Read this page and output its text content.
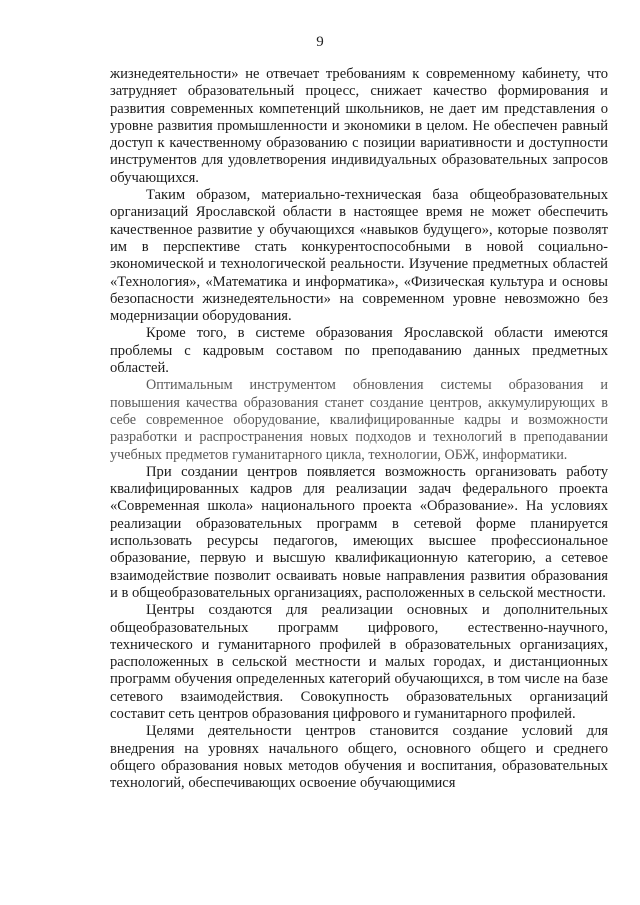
9

жизнедеятельности» не отвечает требованиям к современному кабинету, что затрудняет образовательный процесс, снижает качество формирования и развития современных компетенций школьников, не дает им представления о уровне развития промышленности и экономики в целом. Не обеспечен равный доступ к качественному образованию с позиции вариативности и доступности инструментов для удовлетворения индивидуальных образовательных запросов обучающихся.

Таким образом, материально-техническая база общеобразовательных организаций Ярославской области в настоящее время не может обеспечить качественное развитие у обучающихся «навыков будущего», которые позволят им в перспективе стать конкурентоспособными в новой социально-экономической и технологической реальности. Изучение предметных областей «Технология», «Математика и информатика», «Физическая культура и основы безопасности жизнедеятельности» на современном уровне невозможно без модернизации оборудования.

Кроме того, в системе образования Ярославской области имеются проблемы с кадровым составом по преподаванию данных предметных областей.

Оптимальным инструментом обновления системы образования и повышения качества образования станет создание центров, аккумулирующих в себе современное оборудование, квалифицированные кадры и возможности разработки и распространения новых подходов и технологий в преподавании учебных предметов гуманитарного цикла, технологии, ОБЖ, информатики.

При создании центров появляется возможность организовать работу квалифицированных кадров для реализации задач федерального проекта «Современная школа» национального проекта «Образование». На условиях реализации образовательных программ в сетевой форме планируется использовать ресурсы педагогов, имеющих высшее профессиональное образование, первую и высшую квалификационную категорию, а сетевое взаимодействие позволит осваивать новые направления развития образования и в общеобразовательных организациях, расположенных в сельской местности.

Центры создаются для реализации основных и дополнительных общеобразовательных программ цифрового, естественно-научного, технического и гуманитарного профилей в образовательных организациях, расположенных в сельской местности и малых городах, и дистанционных программ обучения определенных категорий обучающихся, в том числе на базе сетевого взаимодействия. Совокупность образовательных организаций составит сеть центров образования цифрового и гуманитарного профилей.

Целями деятельности центров становится создание условий для внедрения на уровнях начального общего, основного общего и среднего общего образования новых методов обучения и воспитания, образовательных технологий, обеспечивающих освоение обучающимися
